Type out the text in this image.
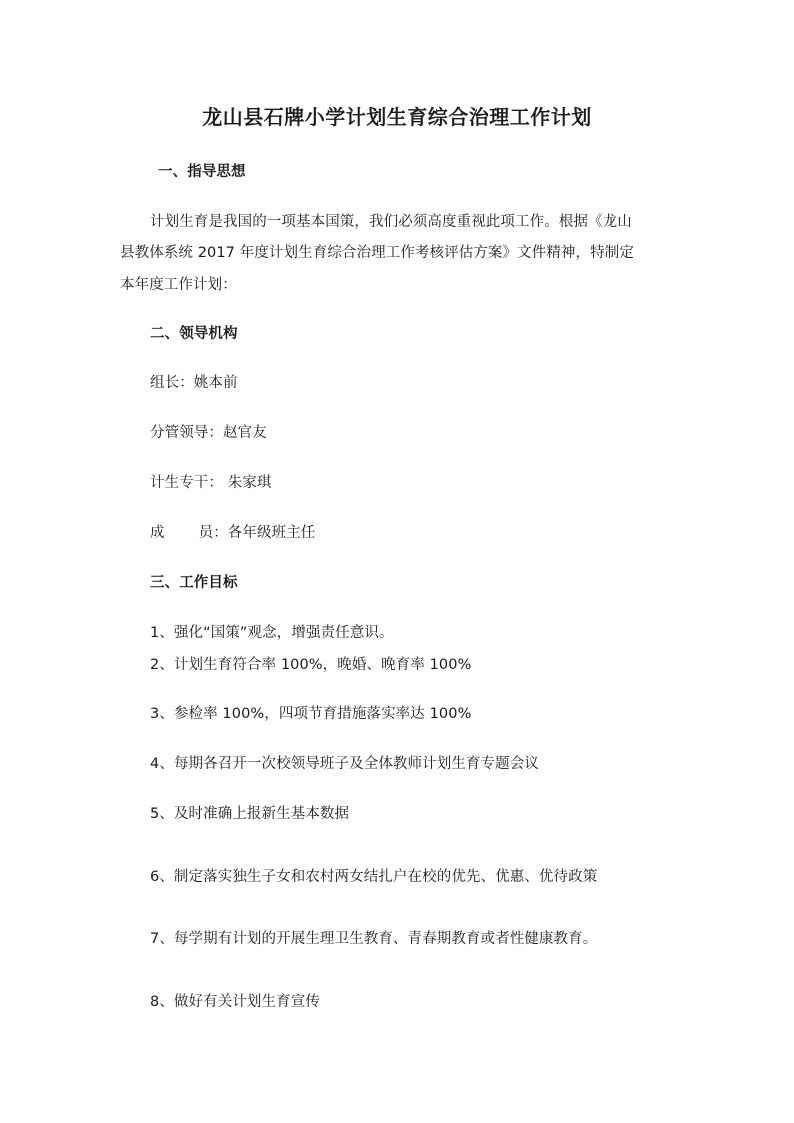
龙山县石牌小学计划生育综合治理工作计划
一、指导思想
计划生育是我国的一项基本国策，我们必须高度重视此项工作。根据《龙山
县教体系统 2017 年度计划生育综合治理工作考核评估方案》文件精神，特制定
本年度工作计划：
二、领导机构
组长：姚本前
分管领导：赵官友
计生专干： 朱家琪
成 员：各年级班主任
三、工作目标
1、强化“国策”观念，增强责任意识。
2、计划生育符合率 100%，晚婚、晚育率 100%
3、参检率 100%，四项节育措施落实率达 100%
4、每期各召开一次校领导班子及全体教师计划生育专题会议
5、及时准确上报新生基本数据
6、制定落实独生子女和农村两女结扎户在校的优先、优惠、优待政策
7、每学期有计划的开展生理卫生教育、青春期教育或者性健康教育。
8、做好有关计划生育宣传
